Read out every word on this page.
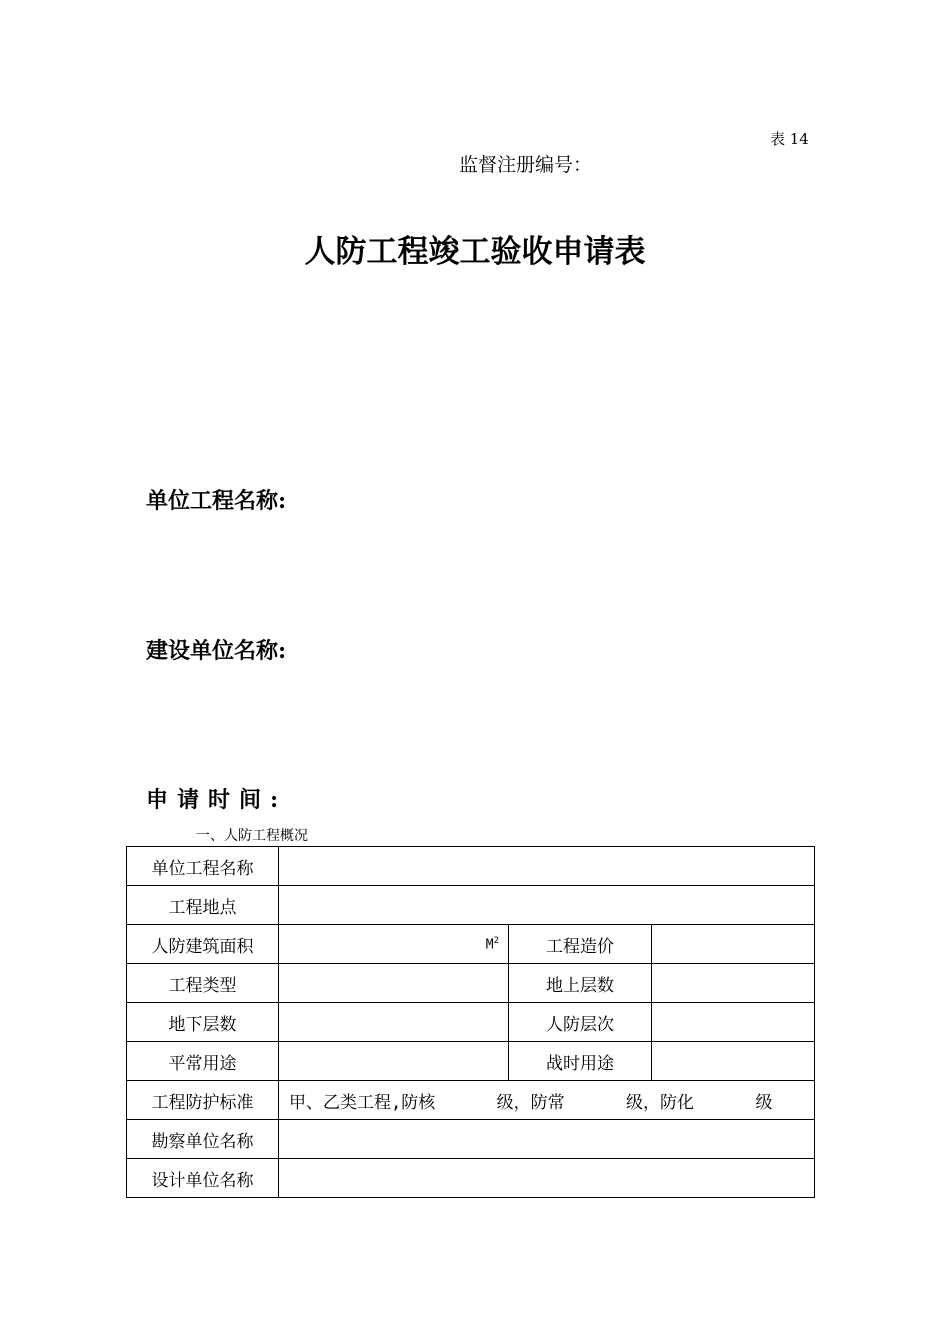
表 14
监督注册编号：
人防工程竣工验收申请表
单位工程名称:
建设单位名称:
申请时间:
一、人防工程概况
单位工程名称			
工程地点			
人防建筑面积	$M^2$	工程造价	
工程类型		地上层数	
地下层数		人防层次	
平常用途		战时用途	
工程防护标准	甲、乙类工程,防核      级，防常      级，防化      级		
勘察单位名称			
设计单位名称			
